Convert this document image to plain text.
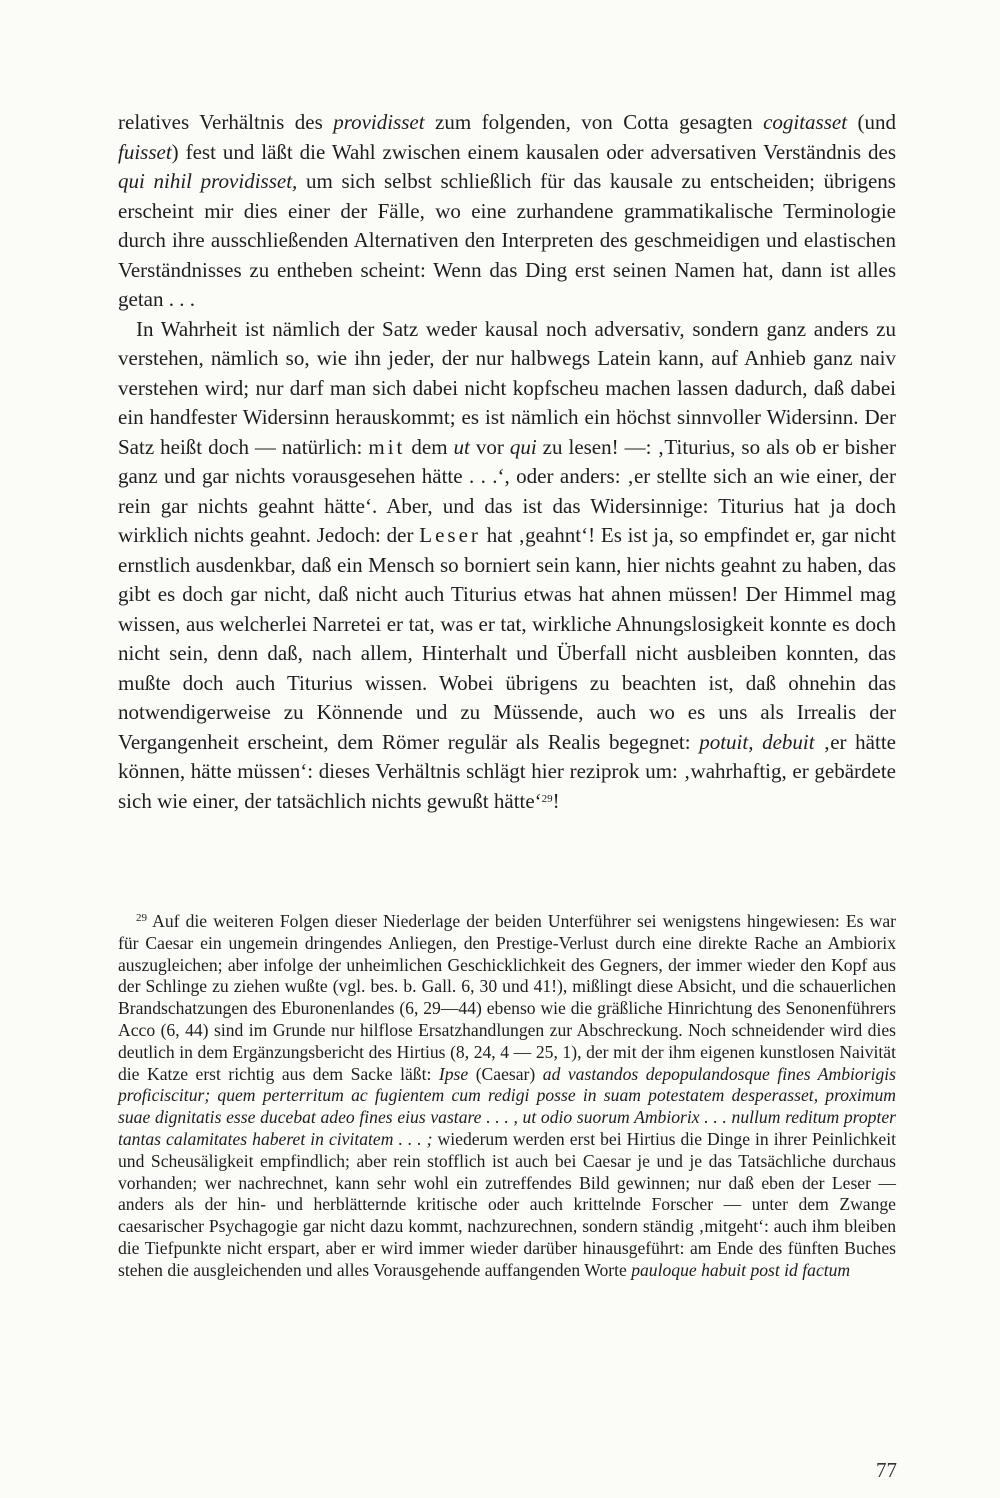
relatives Verhältnis des providisset zum folgenden, von Cotta gesagten cogitasset (und fuisset) fest und läßt die Wahl zwischen einem kausalen oder adversativen Verständnis des qui nihil providisset, um sich selbst schließlich für das kausale zu entscheiden; übrigens erscheint mir dies einer der Fälle, wo eine zurhandene grammatikalische Terminologie durch ihre ausschließenden Alternativen den Interpreten des geschmeidigen und elastischen Verständnisses zu entheben scheint: Wenn das Ding erst seinen Namen hat, dann ist alles getan . . .

In Wahrheit ist nämlich der Satz weder kausal noch adversativ, sondern ganz anders zu verstehen, nämlich so, wie ihn jeder, der nur halbwegs Latein kann, auf Anhieb ganz naiv verstehen wird; nur darf man sich dabei nicht kopfscheu machen lassen dadurch, daß dabei ein handfester Widersinn herauskommt; es ist nämlich ein höchst sinnvoller Widersinn. Der Satz heißt doch — natürlich: mit dem ut vor qui zu lesen! —: ‚Titurius, so als ob er bisher ganz und gar nichts vorausgesehen hätte . . .‘, oder anders: ‚er stellte sich an wie einer, der rein gar nichts geahnt hätte‘. Aber, und das ist das Widersinnige: Titurius hat ja doch wirklich nichts geahnt. Jedoch: der Leser hat ‚geahnt‘! Es ist ja, so empfindet er, gar nicht ernstlich ausdenkbar, daß ein Mensch so borniert sein kann, hier nichts geahnt zu haben, das gibt es doch gar nicht, daß nicht auch Titurius etwas hat ahnen müssen! Der Himmel mag wissen, aus welcherlei Narretei er tat, was er tat, wirkliche Ahnungslosigkeit konnte es doch nicht sein, denn daß, nach allem, Hinterhalt und Überfall nicht ausbleiben konnten, das mußte doch auch Titurius wissen. Wobei übrigens zu beachten ist, daß ohnehin das notwendigerweise zu Könnende und zu Müssende, auch wo es uns als Irrealis der Vergangenheit erscheint, dem Römer regulär als Realis begegnet: potuit, debuit ‚er hätte können, hätte müssen‘: dieses Verhältnis schlägt hier reziprok um: ‚wahrhaftig, er gebärdete sich wie einer, der tatsächlich nichts gewußt hätte‘$^{29}$!

$^{29}$ Auf die weiteren Folgen dieser Niederlage der beiden Unterführer sei wenigstens hingewiesen: Es war für Caesar ein ungemein dringendes Anliegen, den Prestige-Verlust durch eine direkte Rache an Ambiorix auszugleichen; aber infolge der unheimlichen Geschicklichkeit des Gegners, der immer wieder den Kopf aus der Schlinge zu ziehen wußte (vgl. bes. b. Gall. 6, 30 und 41!), mißlingt diese Absicht, und die schauerlichen Brandschatzungen des Eburonenlandes (6, 29—44) ebenso wie die gräßliche Hinrichtung des Senonenführers Acco (6, 44) sind im Grunde nur hilflose Ersatzhandlungen zur Abschreckung. Noch schneidender wird dies deutlich in dem Ergänzungsbericht des Hirtius (8, 24, 4 — 25, 1), der mit der ihm eigenen kunstlosen Naivität die Katze erst richtig aus dem Sacke läßt: Ipse (Caesar) ad vastandos depopulandosque fines Ambiorigis proficiscitur; quem perterritum ac fugientem cum redigi posse in suam potestatem desperasset, proximum suae dignitatis esse ducebat adeo fines eius vastare . . . , ut odio suorum Ambiorix . . . nullum reditum propter tantas calamitates haberet in civitatem . . . ; wiederum werden erst bei Hirtius die Dinge in ihrer Peinlichkeit und Scheusäligkeit empfindlich; aber rein stofflich ist auch bei Caesar je und je das Tatsächliche durchaus vorhanden; wer nachrechnet, kann sehr wohl ein zutreffendes Bild gewinnen; nur daß eben der Leser — anders als der hin- und herblätternde kritische oder auch krittelnde Forscher — unter dem Zwange caesarischer Psychagogie gar nicht dazu kommt, nachzurechnen, sondern ständig ‚mitgeht‘: auch ihm bleiben die Tiefpunkte nicht erspart, aber er wird immer wieder darüber hinausgeführt: am Ende des fünften Buches stehen die ausgleichenden und alles Vorausgehende auffangenden Worte pauloque habuit post id factum

77
